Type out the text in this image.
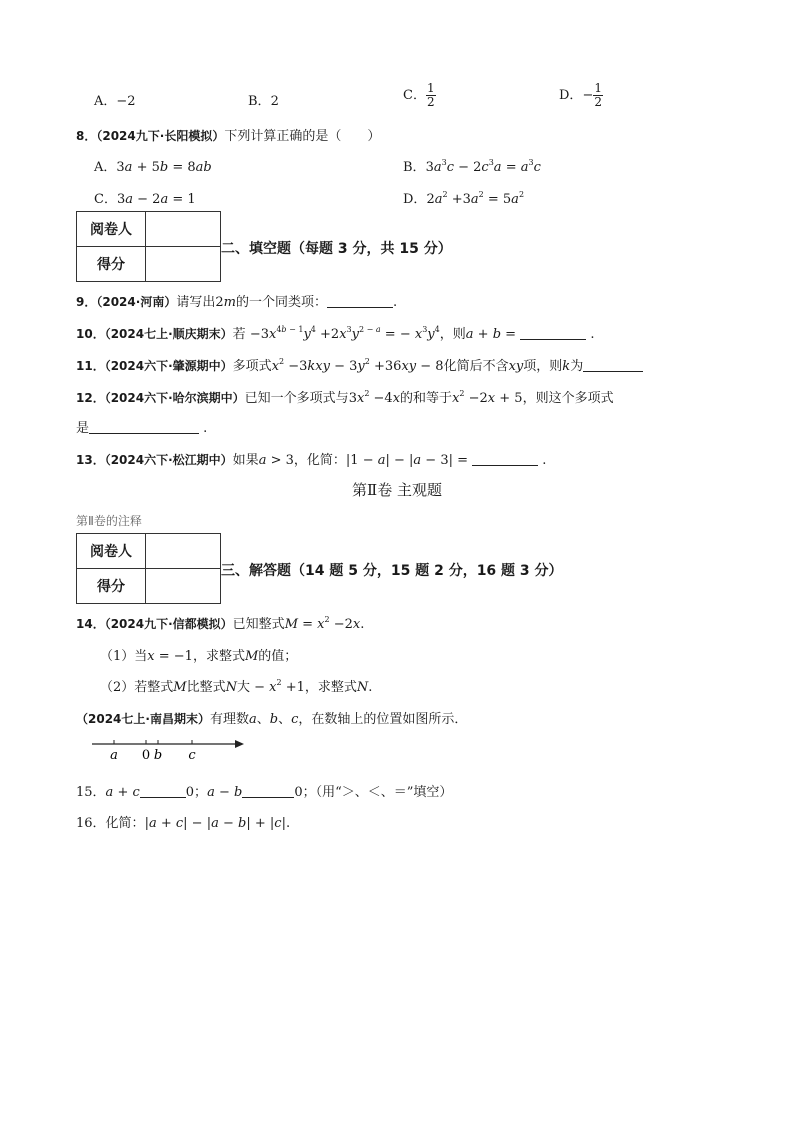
A．−2	B．2	C． $\frac{1}{2}$	D．− $\frac{1}{2}$
8．（2024九下·长阳模拟）下列计算正确的是（　　）
A．3a + 5b = 8ab	B．$3a^3c - 2c^3a = a^3c$
C．3a − 2a = 1	D．$2a^2 +3a^2 = 5a^2$
阅卷人	
得分	
二、填空题（每题 3 分，共 15 分）
9．（2024·河南）请写出2m的一个同类项：	.
10．（2024七上·顺庆期末）若 $-3x^{4b - 1}y^4 +2x^3y^{2 - a}$ = − $x^3y^4$，则a + b =	.
11．（2024六下·肇源期中）多项式$x^2 -3kxy - 3y^2 +36xy - 8$化简后不含xy项，则k为
12．（2024六下·哈尔滨期中）已知一个多项式与$3x^2 -4x$的和等于$x^2 -2x + 5$，则这个多项式
是	.
13．（2024六下·松江期中）如果a > 3，化简：|1 − a| − |a − 3| =	.
第Ⅱ卷 主观题
第Ⅱ卷的注释
阅卷人	
得分	
三、解答题（14 题 5 分，15 题 2 分，16 题 3 分）
14．（2024九下·信都模拟）已知整式$M = x^2 -2x$.
（1）当x = −1，求整式M的值；
（2）若整式M比整式N大 − $x^2 +1$，求整式N.
（2024七上·南昌期末）有理数a、b、c，在数轴上的位置如图所示．
a 0 b c
15．a + c	0；a − b	0；（用“＞、＜、＝”填空）
16．化简：|a + c| − |a − b| + |c|.
